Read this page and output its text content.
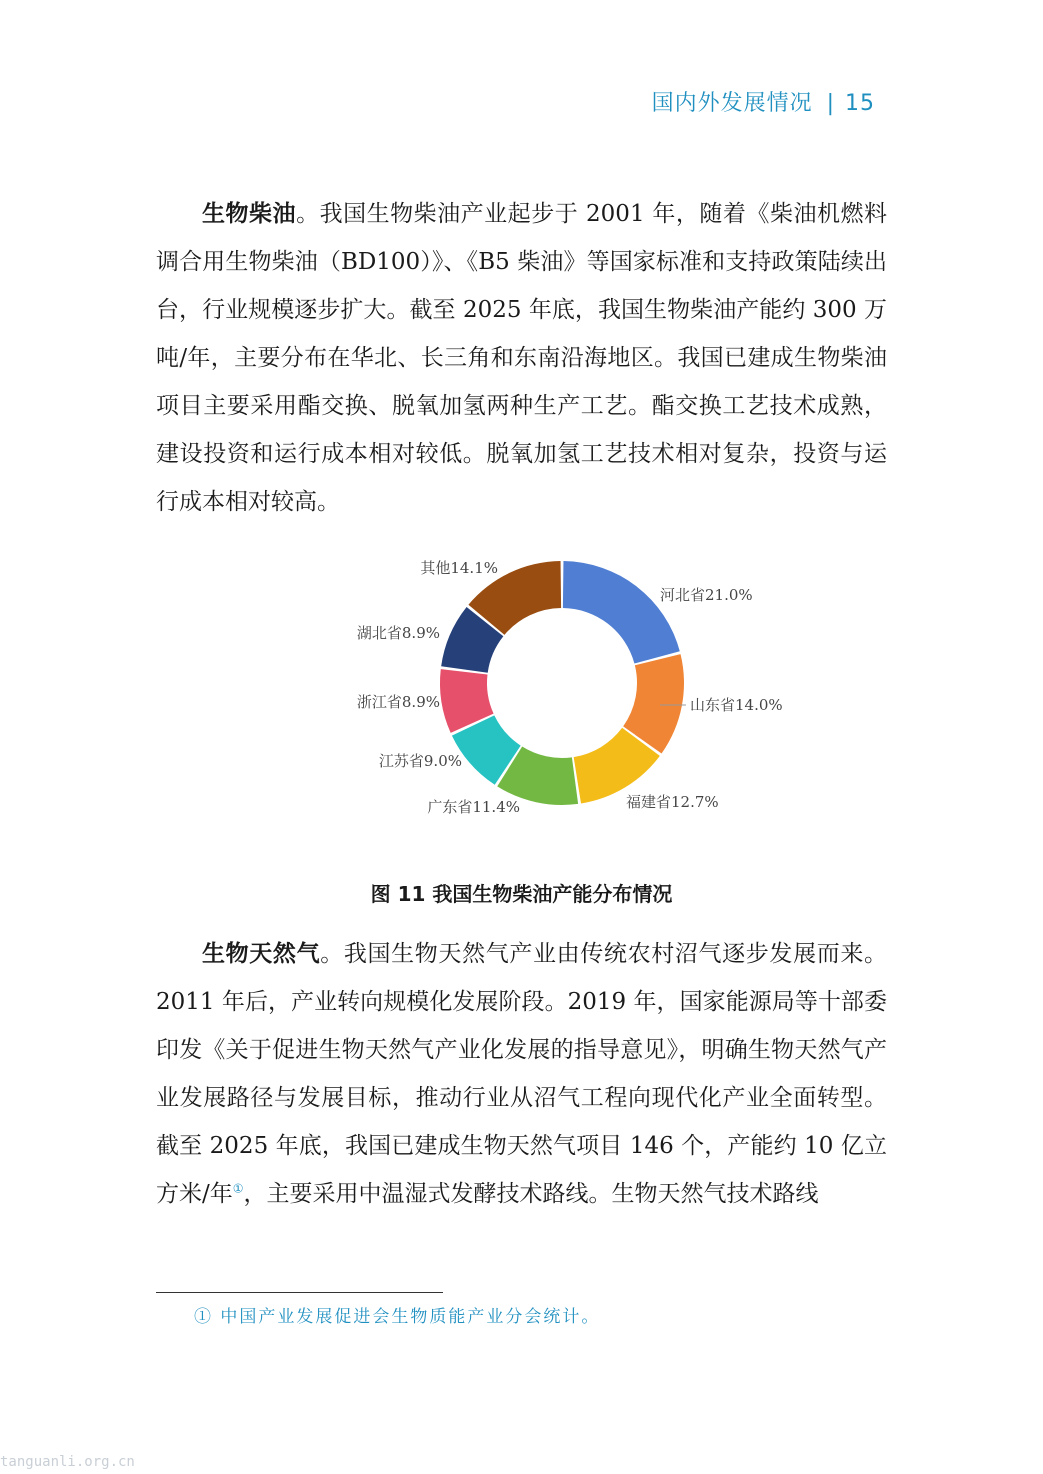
国内外发展情况 | 15

生物柴油。我国生物柴油产业起步于 2001 年，随着《柴油机燃料调合用生物柴油（BD100）》、《B5 柴油》等国家标准和支持政策陆续出台，行业规模逐步扩大。截至 2025 年底，我国生物柴油产能约 300 万吨/年，主要分布在华北、长三角和东南沿海地区。我国已建成生物柴油项目主要采用酯交换、脱氧加氢两种生产工艺。酯交换工艺技术成熟，建设投资和运行成本相对较低。脱氧加氢工艺技术相对复杂，投资与运行成本相对较高。

河北省21.0%
山东省14.0%
福建省12.7%
广东省11.4%
江苏省9.0%
浙江省8.9%
湖北省8.9%
其他14.1%
图 11 我国生物柴油产能分布情况

生物天然气。我国生物天然气产业由传统农村沼气逐步发展而来。2011 年后，产业转向规模化发展阶段。2019 年，国家能源局等十部委印发《关于促进生物天然气产业化发展的指导意见》，明确生物天然气产业发展路径与发展目标，推动行业从沼气工程向现代化产业全面转型。截至 2025 年底，我国已建成生物天然气项目 146 个，产能约 10 亿立方米/年①，主要采用中温湿式发酵技术路线。生物天然气技术路线

① 中国产业发展促进会生物质能产业分会统计。
tanguanli.org.cn
